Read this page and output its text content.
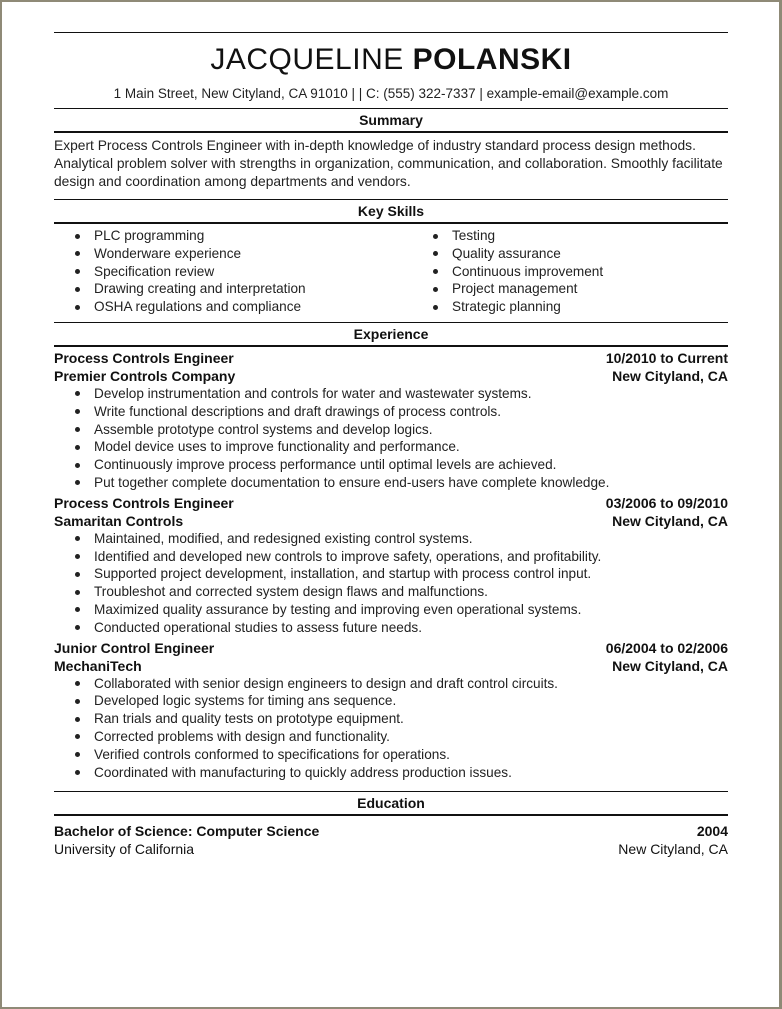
JACQUELINE POLANSKI
1 Main Street, New Cityland, CA 91010 | | C: (555) 322-7337 | example-email@example.com
Summary
Expert Process Controls Engineer with in-depth knowledge of industry standard process design methods. Analytical problem solver with strengths in organization, communication, and collaboration. Smoothly facilitate design and coordination among departments and vendors.
Key Skills
PLC programming
Wonderware experience
Specification review
Drawing creating and interpretation
OSHA regulations and compliance
Testing
Quality assurance
Continuous improvement
Project management
Strategic planning
Experience
Process Controls Engineer	10/2010 to Current
Premier Controls Company	New Cityland, CA
Develop instrumentation and controls for water and wastewater systems.
Write functional descriptions and draft drawings of process controls.
Assemble prototype control systems and develop logics.
Model device uses to improve functionality and performance.
Continuously improve process performance until optimal levels are achieved.
Put together complete documentation to ensure end-users have complete knowledge.
Process Controls Engineer	03/2006 to 09/2010
Samaritan Controls	New Cityland, CA
Maintained, modified, and redesigned existing control systems.
Identified and developed new controls to improve safety, operations, and profitability.
Supported project development, installation, and startup with process control input.
Troubleshot and corrected system design flaws and malfunctions.
Maximized quality assurance by testing and improving even operational systems.
Conducted operational studies to assess future needs.
Junior Control Engineer	06/2004 to 02/2006
MechaniTech	New Cityland, CA
Collaborated with senior design engineers to design and draft control circuits.
Developed logic systems for timing ans sequence.
Ran trials and quality tests on prototype equipment.
Corrected problems with design and functionality.
Verified controls conformed to specifications for operations.
Coordinated with manufacturing to quickly address production issues.
Education
Bachelor of Science: Computer Science	2004
University of California	New Cityland, CA
